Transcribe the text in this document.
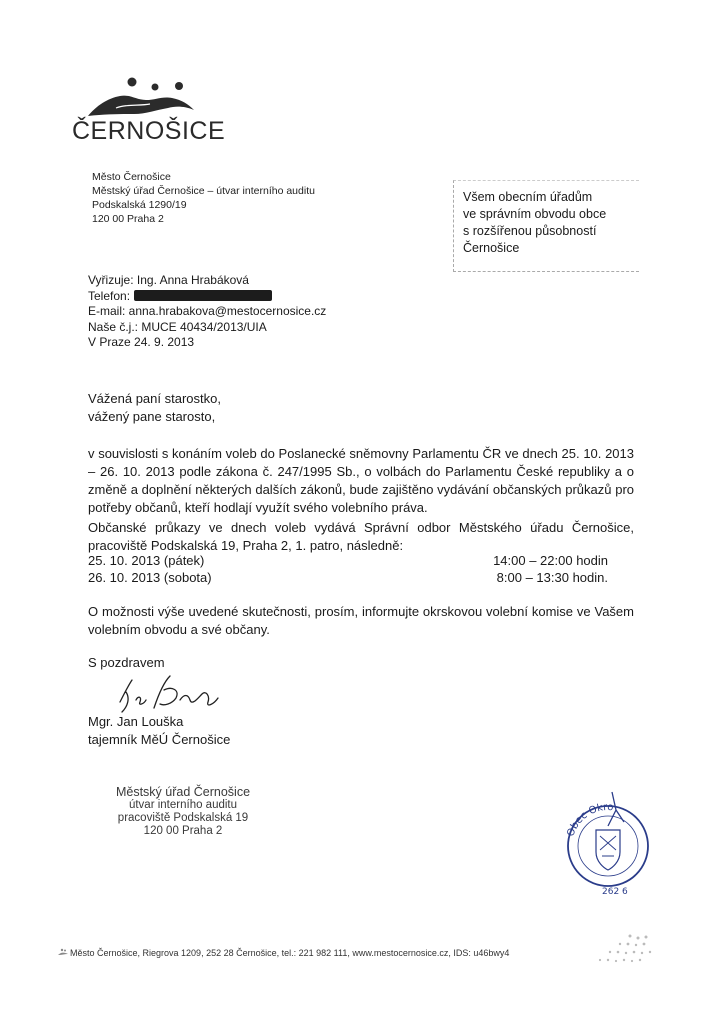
ČERNOŠICE
Město Černošice
Městský úřad Černošice – útvar interního auditu
Podskalská 1290/19
120 00 Praha 2
Všem obecním úřadům
ve správním obvodu obce
s rozšířenou působností
Černošice
Vyřizuje: Ing. Anna Hrabáková
Telefon:
E-mail: anna.hrabakova@mestocernosice.cz
Naše č.j.: MUCE 40434/2013/UIA
V Praze 24. 9. 2013
Vážená paní starostko,
vážený pane starosto,
v souvislosti s konáním voleb do Poslanecké sněmovny Parlamentu ČR ve dnech 25. 10. 2013 – 26. 10. 2013 podle zákona č. 247/1995 Sb., o volbách do Parlamentu České republiky a o změně a doplnění některých dalších zákonů, bude zajištěno vydávání občanských průkazů pro potřeby občanů, kteří hodlají využít svého volebního práva.
Občanské průkazy ve dnech voleb vydává Správní odbor Městského úřadu Černošice, pracoviště Podskalská 19, Praha 2, 1. patro, následně:
25. 10. 2013 (pátek)	14:00 – 22:00 hodin
26. 10. 2013 (sobota)	8:00 – 13:30 hodin.
O možnosti výše uvedené skutečnosti, prosím, informujte okrskovou volební komise ve Vašem volebním obvodu a své občany.
S pozdravem
Mgr. Jan Louška
tajemník MěÚ Černošice
Městský úřad Černošice
útvar interního auditu
pracoviště Podskalská 19
120 00 Praha 2	Obec Okro
262 6
Město Černošice, Riegrova 1209, 252 28 Černošice, tel.: 221 982 111, www.mestocernosice.cz, IDS: u46bwy4
